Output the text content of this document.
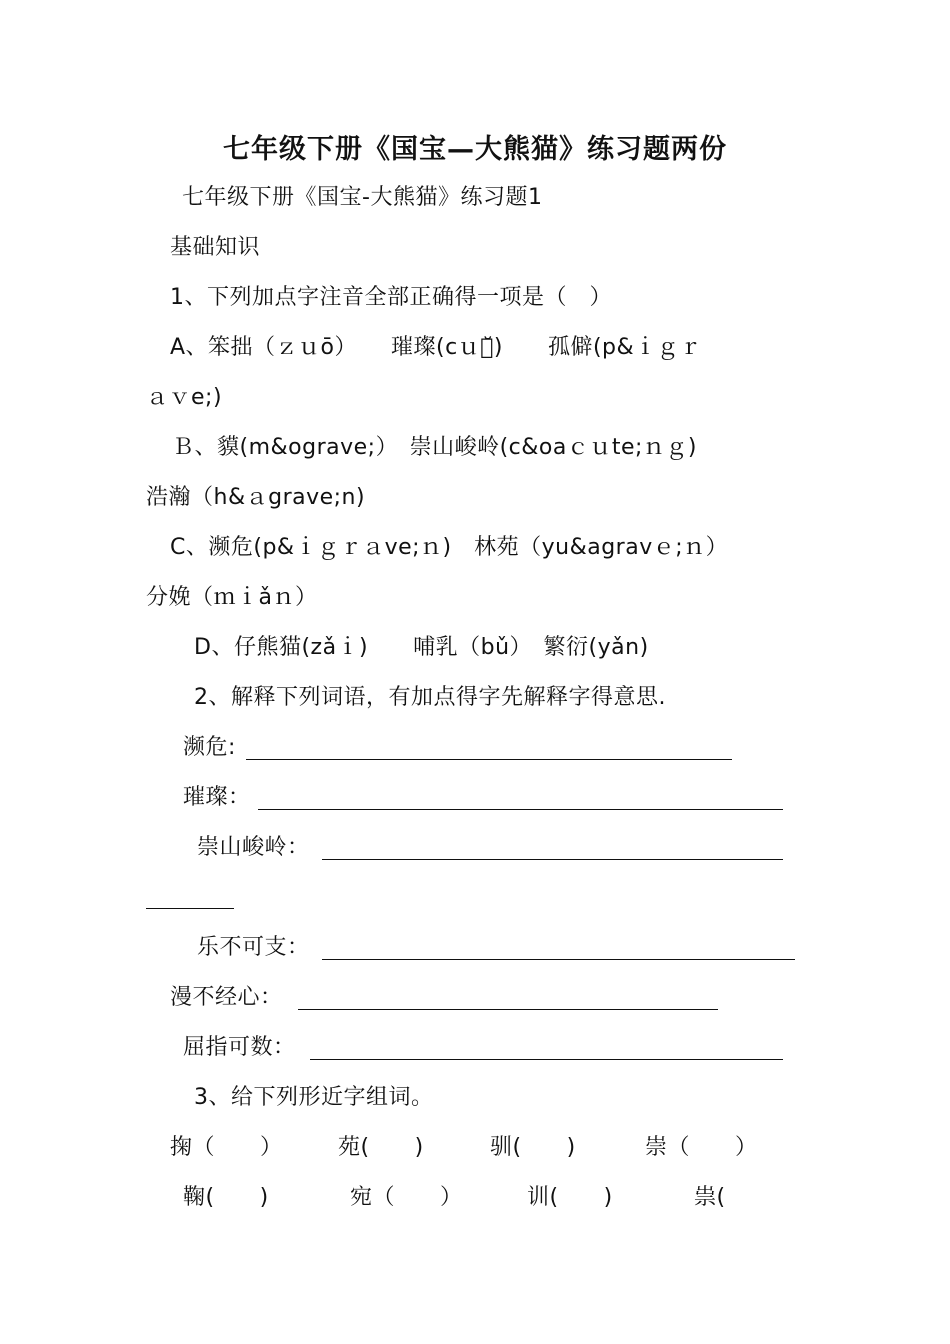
七年级下册《国宝—大熊猫》练习题两份
七年级下册《国宝-大熊猫》练习题1
基础知识
1、下列加点字注音全部正确得一项是（　）
A、笨拙（ｚｕō）　　璀璨(cｕｉ̆)　　孤僻(p&ｉｇｒ
ａｖe;)
Ｂ、貘(m&ograve;）　崇山峻岭(c&oaｃｕte;ｎｇ)
浩瀚（h&ａgrave;n)
C、濒危(p&ｉｇｒａve;ｎ)　林苑（yu&agravｅ;ｎ）
分娩（ｍｉǎｎ）
D、仔熊猫(zǎｉ)　　哺乳（bǔ）　繁衍(yǎn)
2、解释下列词语，有加点得字先解释字得意思.
濒危:
璀璨：
崇山峻岭：
乐不可支：
漫不经心：
屈指可数：
3、给下列形近字组词。
掬（　　）	苑(　　)	驯(　　)	崇（　　）
鞠(　　)	宛（　　）	训(　　)	祟(
